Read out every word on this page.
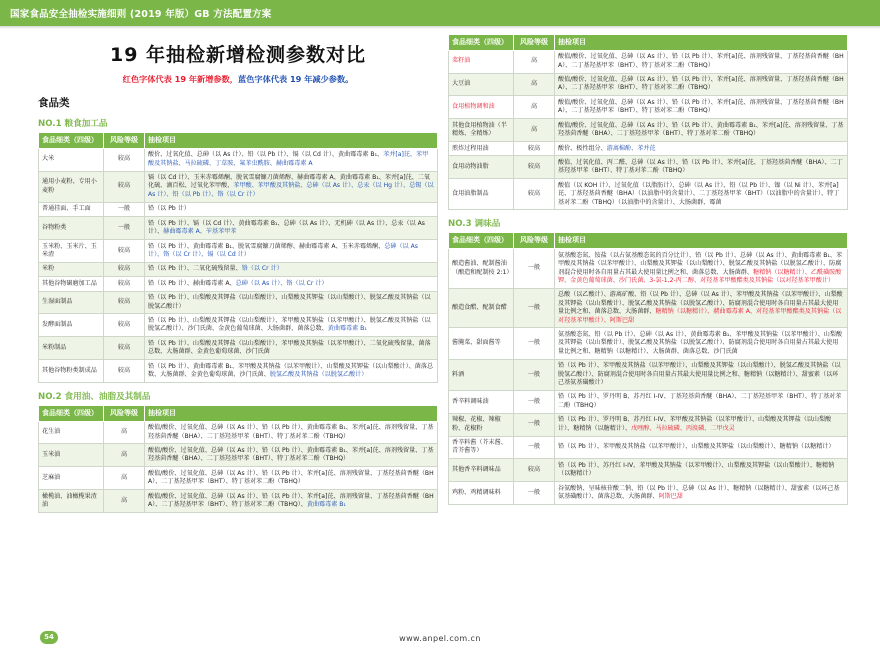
国家食品安全抽检实施细则 (2019 年版）GB 方法配置方案
19 年抽检新增检测参数对比
红色字体代表 19 年新增参数，蓝色字体代表 19 年减少参数。
食品类
NO.1 粮食加工品
食品细类（四级）	风险等级	抽检项目
大米	较高	酸价、过氧化值、总砷（以 As 计）、铅（以 Pb 计）、镉（以 Cd 计）、黄曲霉毒素 B₁、苯并[a]芘、苯甲酸及其钠盐、马拉硫磷、丁草胺、氟苯虫酰胺、赫曲霉毒素 A
通用小麦粉、专用小麦粉	较高	镉（以 Cd 计）、玉米赤霉烯酮、脱氧雪腐镰刀菌烯醇、赫曲霉毒素 A、黄曲霉毒素 B₁、苯并[a]芘、二氧化硫、滴百松、过氧化苯甲酸、苯甲酸、苯甲酸及其钠盐、总砷（以 As 计）、总汞（以 Hg 计）、总锡（以 As 计）、铅（以 Pb 计）、铬（以 Cr 计）
普通挂面、手工面	一般	铅（以 Pb 计）
谷物粉类	一般	铅（以 Pb 计）、镉（以 Cd 计）、黄曲霉毒素 B₁、总砷（以 As 计）、无机砷（以 As 计）、总汞（以 As 计）、赫曲霉毒素 A、苄基苯甲苯
玉米粉、玉米片、玉米渣	较高	铅（以 Pb 计）、黄曲霉毒素 B₁、脱氧雪腐镰刀菌烯醇、赫曲霉毒素 A、玉米赤霉烯酮、总砷（以 As 计）、铬（以 Cr 计）、镉（以 Cd 计）
米粉	较高	铅（以 Pb 计）、二氧化硫残留量、铬（以 Cr 计）
其他谷物碾磨加工品	较高	铅（以 Pb 计）、赫曲霉毒素 A、总砷（以 As 计）、铬（以 Cr 计）
生湿面制品	较高	铅（以 Pb 计）、山梨酸及其钾盐（以山梨酸计）、山梨酸及其钾盐（以山梨酸计）、脱氢乙酸及其钠盐（以脱氢乙酸计）
发酵面制品	较高	铅（以 Pb 计）、山梨酸及其钾盐（以山梨酸计）、苯甲酸及其钠盐（以苯甲酸计）、脱氢乙酸及其钠盐（以脱氢乙酸计）、沙门氏菌、金黄色葡萄球菌、大肠菌群、菌落总数、黄曲霉毒素 B₁
米粉制品	较高	铅（以 Pb 计）、山梨酸及其钾盐（以山梨酸计）、苯甲酸及其钠盐（以苯甲酸计）、二氧化硫残留量、菌落总数、大肠菌群、金黄色葡萄球菌、沙门氏菌
其他谷物粉类制成品	较高	铅（以 Pb 计）、黄曲霉毒素 B₁、苯甲酸及其钠盐（以苯甲酸计）、山梨酸及其钾盐（以山梨酸计）、菌落总数、大肠菌群、金黄色葡萄球菌、沙门氏菌、脱氢乙酸及其钠盐（以脱氢乙酸计）
NO.2 食用油、油脂及其制品
食品细类（四级）	风险等级	抽检项目
花生油	高	酸值/酸价、过氧化值、总砷（以 As 计）、铅（以 Pb 计）、黄曲霉毒素 B₁、苯并[a]芘、溶剂残留量、丁基羟基茴香醚（BHA）、二丁基羟基甲苯（BHT）、特丁基对苯二酚（TBHQ）
玉米油	高	酸值/酸价、过氧化值、总砷（以 As 计）、铅（以 Pb 计）、黄曲霉毒素 B₁、苯并[a]芘、溶剂残留量、丁基羟基茴香醚（BHA）、二丁基羟基甲苯（BHT）、特丁基对苯二酚（TBHQ）
芝麻油	高	酸值/酸价、过氧化值、总砷（以 As 计）、铅（以 Pb 计）、苯并[a]芘、溶剂残留量、丁基羟基茴香醚（BHA）、二丁基羟基甲苯（BHT）、特丁基对苯二酚（TBHQ）
橄榄油、油橄榄果渣油	高	酸值/酸价、过氧化值、总砷（以 As 计）、铅（以 Pb 计）、苯并[a]芘、溶剂残留量、丁基羟基茴香醚（BHA）、二丁基羟基甲苯（BHT）、特丁基对苯二酚（TBHQ）、黄曲霉毒素 B₁
食品细类（四级）	风险等级	抽检项目
菜籽油	高	酸值/酸价、过氧化值、总砷（以 As 计）、铅（以 Pb 计）、苯并[a]芘、溶剂残留量、丁基羟基茴香醚（BHA）、二丁基羟基甲苯（BHT）、特丁基对苯二酚（TBHQ）
大豆油	高	酸值/酸价、过氧化值、总砷（以 As 计）、铅（以 Pb 计）、苯并[a]芘、溶剂残留量、丁基羟基茴香醚（BHA）、二丁基羟基甲苯（BHT）、特丁基对苯二酚（TBHQ）
食用植物调和油	高	酸值/酸价、过氧化值、总砷（以 As 计）、铅（以 Pb 计）、苯并[a]芘、溶剂残留量、丁基羟基茴香醚（BHA）、二丁基羟基甲苯（BHT）、特丁基对苯二酚（TBHQ）
其他食用植物油（半精炼、全精炼）	高	酸值/酸价、过氧化值、总砷（以 As 计）、铅（以 Pb 计）、黄曲霉毒素 B₁、苯并[a]芘、溶剂残留量、丁基羟基茴香醚（BHA）、二丁基羟基甲苯（BHT）、特丁基对苯二酚（TBHQ）
煎炸过程用油	较高	酸价、极性组分、游离棉酚、苯并芘
食用动物油脂	较高	酸值、过氧化值、丙二醛、总砷（以 As 计）、铅（以 Pb 计）、苯并[a]芘、丁基羟基茴香醚（BHA）、二丁基羟基甲苯（BHT）、特丁基对苯二酚（TBHQ）
食用油脂制品	较高	酸值（以 KOH 计）、过氧化值（以脂肪计）、总砷（以 As 计）、铅（以 Pb 计）、镍（以 Ni 计）、苯并[a]芘、丁基羟基茴香醚（BHA）（以油脂中的含量计）、二丁基羟基甲苯（BHT）（以油脂中的含量计）、特丁基对苯二酚（TBHQ）（以油脂中的含量计）、大肠菌群、霉菌
NO.3 调味品
食品细类（四级）	风险等级	抽检项目
酿造酱油、配制酱油（酿造和配制按 2:1）	一般	氨基酸态氮、铵盐（以占氨基酸态氮的百分比计）、铅（以 Pb 计）、总砷（以 As 计）、黄曲霉毒素 B₁、苯甲酸及其钠盐（以苯甲酸计）、山梨酸及其钾盐（以山梨酸计）、脱氢乙酸及其钠盐（以脱氢乙酸计）、防腐剂混合使用时各自用量占其最大使用量比例之和、菌落总数、大肠菌群、糖精钠（以糖精计）、乙酰磺胺酸钾、金黄色葡萄球菌、沙门氏菌、3-氯-1,2-丙二醇、对羟基苯甲酸酯类及其钠盐（以对羟基苯甲酸计）
酿造食醋、配制食醋	一般	总酸（以乙酸计）、游离矿酸、铅（以 Pb 计）、总砷（以 As 计）、苯甲酸及其钠盐（以苯甲酸计）、山梨酸及其钾盐（以山梨酸计）、脱氢乙酸及其钠盐（以脱氢乙酸计）、防腐剂混合使用时各自用量占其最大使用量比例之和、菌落总数、大肠菌群、糖精钠（以糖精计）、赭曲霉毒素 A、对羟基苯甲酸酯类及其钠盐（以对羟基苯甲酸计）、阿斯巴甜
酱腌菜、甜面酱等	一般	氨基酸态氮、铅（以 Pb 计）、总砷（以 As 计）、黄曲霉毒素 B₁、苯甲酸及其钠盐（以苯甲酸计）、山梨酸及其钾盐（以山梨酸计）、脱氢乙酸及其钠盐（以脱氢乙酸计）、防腐剂混合使用时各自用量占其最大使用量比例之和、糖精钠（以糖精计）、大肠菌群、菌落总数、沙门氏菌
料酒	一般	铅（以 Pb 计）、苯甲酸及其钠盐（以苯甲酸计）、山梨酸及其钾盐（以山梨酸计）、脱氢乙酸及其钠盐（以脱氢乙酸计）、防腐剂混合使用时各自用量占其最大使用量比例之和、糖精钠（以糖精计）、甜蜜素（以环己基氨基磺酸计）
香辛料调味油	一般	铅（以 Pb 计）、罗丹明 B、苏丹红 I-IV、丁基羟基茴香醚（BHA）、二丁基羟基甲苯（BHT）、特丁基对苯二酚（TBHQ）
辣椒、花椒、辣椒粉、花椒粉	一般	铅（以 Pb 计）、罗丹明 B、苏丹红 I-IV、苯甲酸及其钠盐（以苯甲酸计）、山梨酸及其钾盐（以山梨酸计）、糖精钠（以糖精计）、戊唑醇、马拉硫磷、丙溴磷、二甲戊灵
香辛料酱（芥末酱、青芥酱等）	一般	铅（以 Pb 计）、苯甲酸及其钠盐（以苯甲酸计）、山梨酸及其钾盐（以山梨酸计）、糖精钠（以糖精计）
其他香辛料调味品	较高	铅（以 Pb 计）、苏丹红 I-IV、苯甲酸及其钠盐（以苯甲酸计）、山梨酸及其钾盐（以山梨酸计）、糖精钠（以糖精计）
鸡粉、鸡精调味料	一般	谷氨酸钠、呈味核苷酸二钠、铅（以 Pb 计）、总砷（以 As 计）、糖精钠（以糖精计）、甜蜜素（以环己基氨基磺酸计）、菌落总数、大肠菌群、阿斯巴甜
54	www.anpel.com.cn
